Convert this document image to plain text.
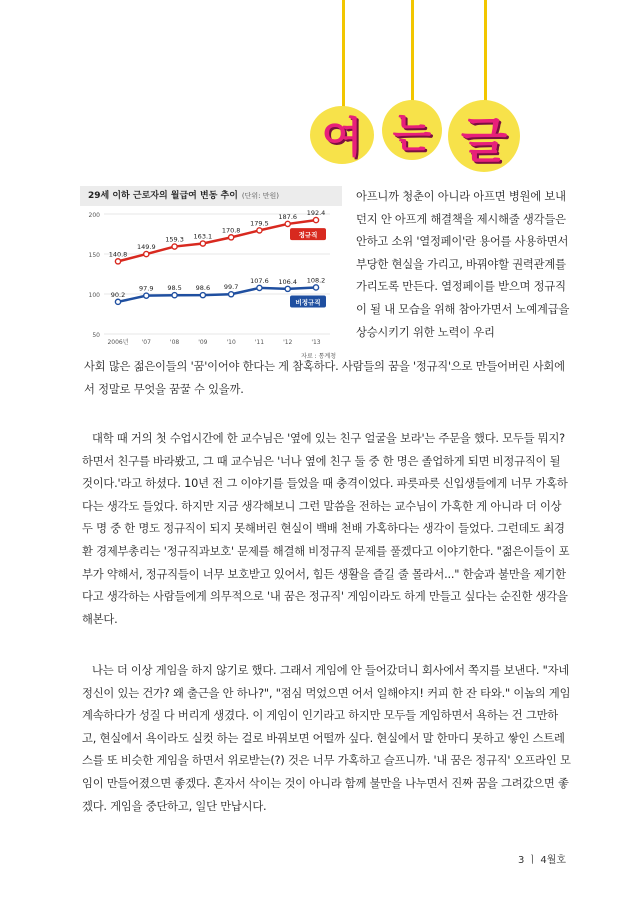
여 는 글
29세 이하 근로자의 월급여 변동 추이 (단위: 만원)
50
100
150
200
2006년 '07	'08	'09	'10	'11	'12	'13
140.8
149.9
159.3 163.1
170.8
179.5
187.6 192.4
정규직
90.2
97.9 98.5 98.6 99.7
107.6 106.4 108.2
비정규직
자료 : 통계청

아프니까 청춘이 아니라 아프면 병원에 보내던지 안 아프게 해결책을 제시해줄 생각들은 안하고 소위 '열정페이'란 용어를 사용하면서 부당한 현실을 가리고, 바꿔야할 권력관계를 가리도록 만든다. 열정페이를 받으며 정규직이 될 내 모습을 위해 참아가면서 노예계급을 상승시키기 위한 노력이 우리

사회 많은 젊은이들의 '꿈'이어야 한다는 게 참혹하다. 사람들의 꿈을 '정규직'으로 만들어버린 사회에서 정말로 무엇을 꿈꿀 수 있을까.

대학 때 거의 첫 수업시간에 한 교수님은 '옆에 있는 친구 얼굴을 보라'는 주문을 했다. 모두들 뭐지? 하면서 친구를 바라봤고, 그 때 교수님은 '너나 옆에 친구 둘 중 한 명은 졸업하게 되면 비정규직이 될 것이다.'라고 하셨다. 10년 전 그 이야기를 들었을 때 충격이었다. 파릇파릇 신입생들에게 너무 가혹하다는 생각도 들었다. 하지만 지금 생각해보니 그런 말씀을 전하는 교수님이 가혹한 게 아니라 더 이상 두 명 중 한 명도 정규직이 되지 못해버린 현실이 백배 천배 가혹하다는 생각이 들었다. 그런데도 최경환 경제부총리는 '정규직과보호' 문제를 해결해 비정규직 문제를 풀겠다고 이야기한다. "젊은이들이 포부가 약해서, 정규직들이 너무 보호받고 있어서, 힘든 생활을 즐길 줄 몰라서..." 한숨과 불만을 제기한다고 생각하는 사람들에게 의무적으로 '내 꿈은 정규직' 게임이라도 하게 만들고 싶다는 순진한 생각을 해본다.

나는 더 이상 게임을 하지 않기로 했다. 그래서 게임에 안 들어갔더니 회사에서 쪽지를 보낸다. "자네 정신이 있는 건가? 왜 출근을 안 하나?", "점심 먹었으면 어서 일해야지! 커피 한 잔 타와." 이놈의 게임 계속하다가 성질 다 버리게 생겼다. 이 게임이 인기라고 하지만 모두들 게임하면서 욕하는 건 그만하고, 현실에서 욕이라도 실컷 하는 걸로 바꿔보면 어떨까 싶다. 현실에서 말 한마디 못하고 쌓인 스트레스를 또 비슷한 게임을 하면서 위로받는(?) 것은 너무 가혹하고 슬프니까. '내 꿈은 정규직' 오프라인 모임이 만들어졌으면 좋겠다. 혼자서 삭이는 것이 아니라 함께 불만을 나누면서 진짜 꿈을 그려갔으면 좋겠다. 게임을 중단하고, 일단 만납시다.

3 ㅣ 4월호
